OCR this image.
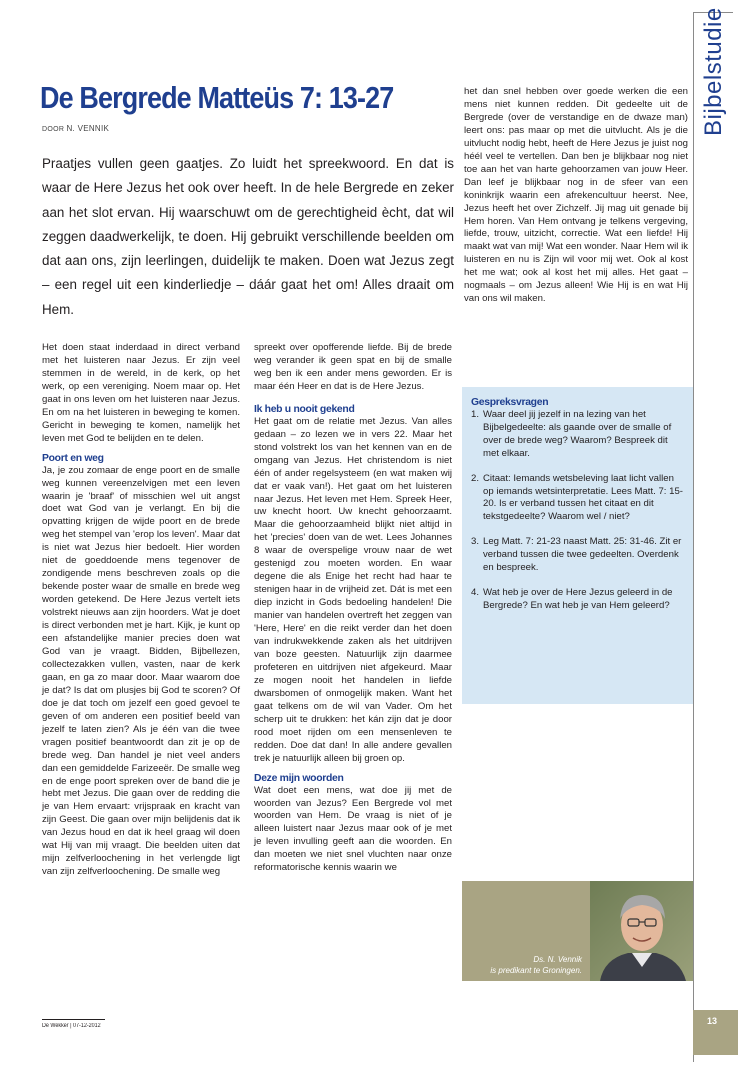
De Bergrede Matteüs 7: 13-27
DOOR N. VENNIK
Praatjes vullen geen gaatjes. Zo luidt het spreekwoord. En dat is waar de Here Jezus het ook over heeft. In de hele Bergrede en zeker aan het slot ervan. Hij waarschuwt om de gerechtigheid ècht, dat wil zeggen daadwerkelijk, te doen. Hij gebruikt verschillende beelden om dat aan ons, zijn leerlingen, duidelijk te maken. Doen wat Jezus zegt – een regel uit een kinderliedje – dáár gaat het om! Alles draait om Hem.

Het doen staat inderdaad in direct verband met het luisteren naar Jezus. Er zijn veel stemmen in de wereld, in de kerk, op het werk, op een vereniging. Noem maar op. Het gaat in ons leven om het luisteren naar Jezus. En om na het luisteren in beweging te komen. Gericht in beweging te komen, namelijk het leven met God te belijden en te delen.

Poort en weg

Ja, je zou zomaar de enge poort en de smalle weg kunnen vereenzelvigen met een leven waarin je 'braaf' of misschien wel uit angst doet wat God van je verlangt. En bij die opvatting krijgen de wijde poort en de brede weg het stempel van 'erop los leven'. Maar dat is niet wat Jezus hier bedoelt. Hier worden niet de goeddoende mens tegenover de zondigende mens beschreven zoals op die bekende poster waar de smalle en brede weg worden getekend. De Here Jezus vertelt iets volstrekt nieuws aan zijn hoorders. Wat je doet is direct verbonden met je hart. Kijk, je kunt op een afstandelijke manier precies doen wat God van je vraagt. Bidden, Bijbellezen, collectezakken vullen, vasten, naar de kerk gaan, en ga zo maar door. Maar waarom doe je dat? Is dat om plusjes bij God te scoren? Of doe je dat toch om jezelf een goed gevoel te geven of om anderen een positief beeld van jezelf te laten zien? Als je één van die twee vragen positief beantwoordt dan zit je op de brede weg. Dan handel je niet veel anders dan een gemiddelde Farizeeër. De smalle weg en de enge poort spreken over de band die je hebt met Jezus. Die gaan over de redding die je van Hem ervaart: vrijspraak en kracht van zijn Geest. Die gaan over mijn belijdenis dat ik van Jezus houd en dat ik heel graag wil doen wat Hij van mij vraagt. Die beelden uiten dat mijn zelfverloochening in het verlengde ligt van zijn zelfverloochening. De smalle weg

spreekt over opofferende liefde. Bij de brede weg verander ik geen spat en bij de smalle weg ben ik een ander mens geworden. Er is maar één Heer en dat is de Here Jezus.

Ik heb u nooit gekend

Het gaat om de relatie met Jezus. Van alles gedaan – zo lezen we in vers 22. Maar het stond volstrekt los van het kennen van en de omgang van Jezus. Het christendom is niet één of ander regelsysteem (en wat maken wij dat er vaak van!). Het gaat om het luisteren naar Jezus. Het leven met Hem. Spreek Heer, uw knecht hoort. Uw knecht gehoorzaamt. Maar die gehoorzaamheid blijkt niet altijd in het 'precies' doen van de wet. Lees Johannes 8 waar de overspelige vrouw naar de wet gestenigd zou moeten worden. En waar degene die als Enige het recht had haar te stenigen haar in de vrijheid zet. Dát is met een diep inzicht in Gods bedoeling handelen! Die manier van handelen overtreft het zeggen van 'Here, Here' en die reikt verder dan het doen van indrukwekkende zaken als het uitdrijven van boze geesten. Natuurlijk zijn daarmee profeteren en uitdrijven niet afgekeurd. Maar ze mogen nooit het handelen in liefde dwarsbomen of onmogelijk maken. Want het gaat telkens om de wil van Vader. Om het scherp uit te drukken: het kán zijn dat je door rood moet rijden om een mensenleven te redden. Doe dat dan! In alle andere gevallen trek je natuurlijk alleen bij groen op.

Deze mijn woorden

Wat doet een mens, wat doe jij met de woorden van Jezus? Een Bergrede vol met woorden van Hem. De vraag is niet of je alleen luistert naar Jezus maar ook of je met je leven invulling geeft aan die woorden. En dan moeten we niet snel vluchten naar onze reformatorische kennis waarin we

het dan snel hebben over goede werken die een mens niet kunnen redden. Dit gedeelte uit de Bergrede (over de verstandige en de dwaze man) leert ons: pas maar op met die uitvlucht. Als je die uitvlucht nodig hebt, heeft de Here Jezus je juist nog héél veel te vertellen. Dan ben je blijkbaar nog niet toe aan het van harte gehoorzamen van jouw Heer. Dan leef je blijkbaar nog in de sfeer van een koninkrijk waarin een afrekencultuur heerst. Nee, Jezus heeft het over Zichzelf. Jij mag uit genade bij Hem horen. Van Hem ontvang je telkens vergeving, liefde, trouw, uitzicht, correctie. Wat een liefde! Hij maakt wat van mij! Wat een wonder. Naar Hem wil ik luisteren en nu is Zijn wil voor mij wet. Ook al kost het me wat; ook al kost het mij alles. Het gaat – nogmaals – om Jezus alleen! Wie Hij is en wat Hij van ons wil maken.

Gespreksvragen
1. Waar deel jij jezelf in na lezing van het Bijbelgedeelte: als gaande over de smalle of over de brede weg? Waarom? Bespreek dit met elkaar.
2. Citaat: Iemands wetsbeleving laat licht vallen op iemands wetsinterpretatie. Lees Matt. 7: 15-20. Is er verband tussen het citaat en dit tekstgedeelte? Waarom wel / niet?
3. Leg Matt. 7: 21-23 naast Matt. 25: 31-46. Zit er verband tussen die twee gedeelten. Overdenk en bespreek.
4. Wat heb je over de Here Jezus geleerd in de Bergrede? En wat heb je van Hem geleerd?
Ds. N. Vennik
is predikant te Groningen.
Bijbelstudie
13
De Wekker | 07-12-2012
